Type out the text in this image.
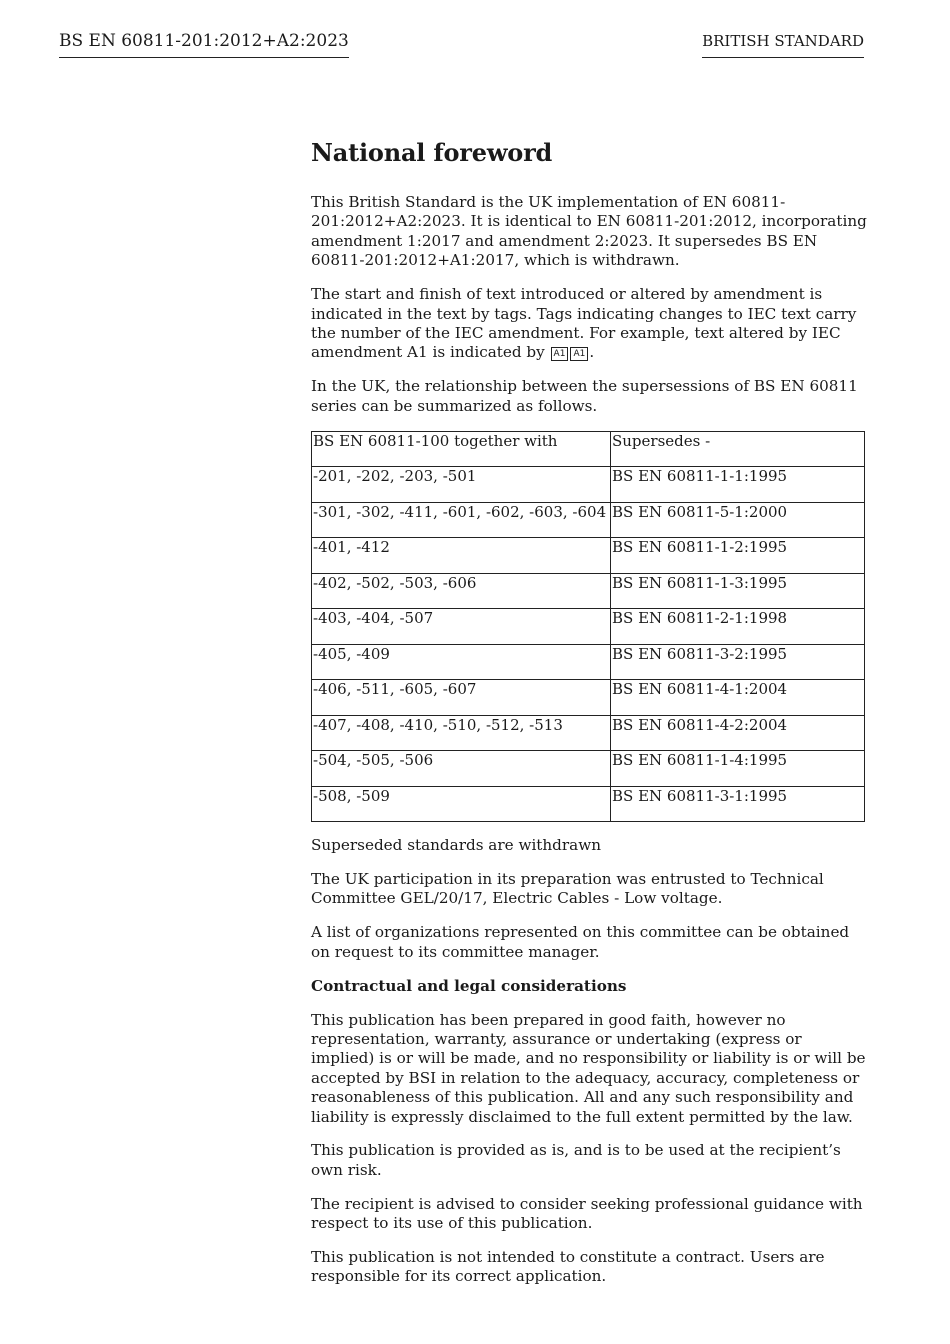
BS EN 60811-201:2012+A2:2023	BRITISH STANDARD
National foreword

This British Standard is the UK implementation of EN 60811-201:2012+A2:2023. It is identical to EN 60811-201:2012, incorporating amendment 1:2017 and amendment 2:2023. It supersedes BS EN 60811-201:2012+A1:2017, which is withdrawn.

The start and finish of text introduced or altered by amendment is indicated in the text by tags. Tags indicating changes to IEC text carry the number of the IEC amendment. For example, text altered by IEC amendment A1 is indicated by A1 A1 .

In the UK, the relationship between the supersessions of BS EN 60811 series can be summarized as follows.

BS EN 60811-100 together with	Supersedes -
-201, -202, -203, -501	BS EN 60811-1-1:1995
-301, -302, -411, -601, -602, -603, -604	BS EN 60811-5-1:2000
-401, -412	BS EN 60811-1-2:1995
-402, -502, -503, -606	BS EN 60811-1-3:1995
-403, -404, -507	BS EN 60811-2-1:1998
-405, -409	BS EN 60811-3-2:1995
-406, -511, -605, -607	BS EN 60811-4-1:2004
-407, -408, -410, -510, -512, -513	BS EN 60811-4-2:2004
-504, -505, -506	BS EN 60811-1-4:1995
-508, -509	BS EN 60811-3-1:1995

Superseded standards are withdrawn

The UK participation in its preparation was entrusted to Technical Committee GEL/20/17, Electric Cables - Low voltage.

A list of organizations represented on this committee can be obtained on request to its committee manager.

Contractual and legal considerations

This publication has been prepared in good faith, however no representation, warranty, assurance or undertaking (express or implied) is or will be made, and no responsibility or liability is or will be accepted by BSI in relation to the adequacy, accuracy, completeness or reasonableness of this publication. All and any such responsibility and liability is expressly disclaimed to the full extent permitted by the law.

This publication is provided as is, and is to be used at the recipient’s own risk.

The recipient is advised to consider seeking professional guidance with respect to its use of this publication.

This publication is not intended to constitute a contract. Users are responsible for its correct application.
